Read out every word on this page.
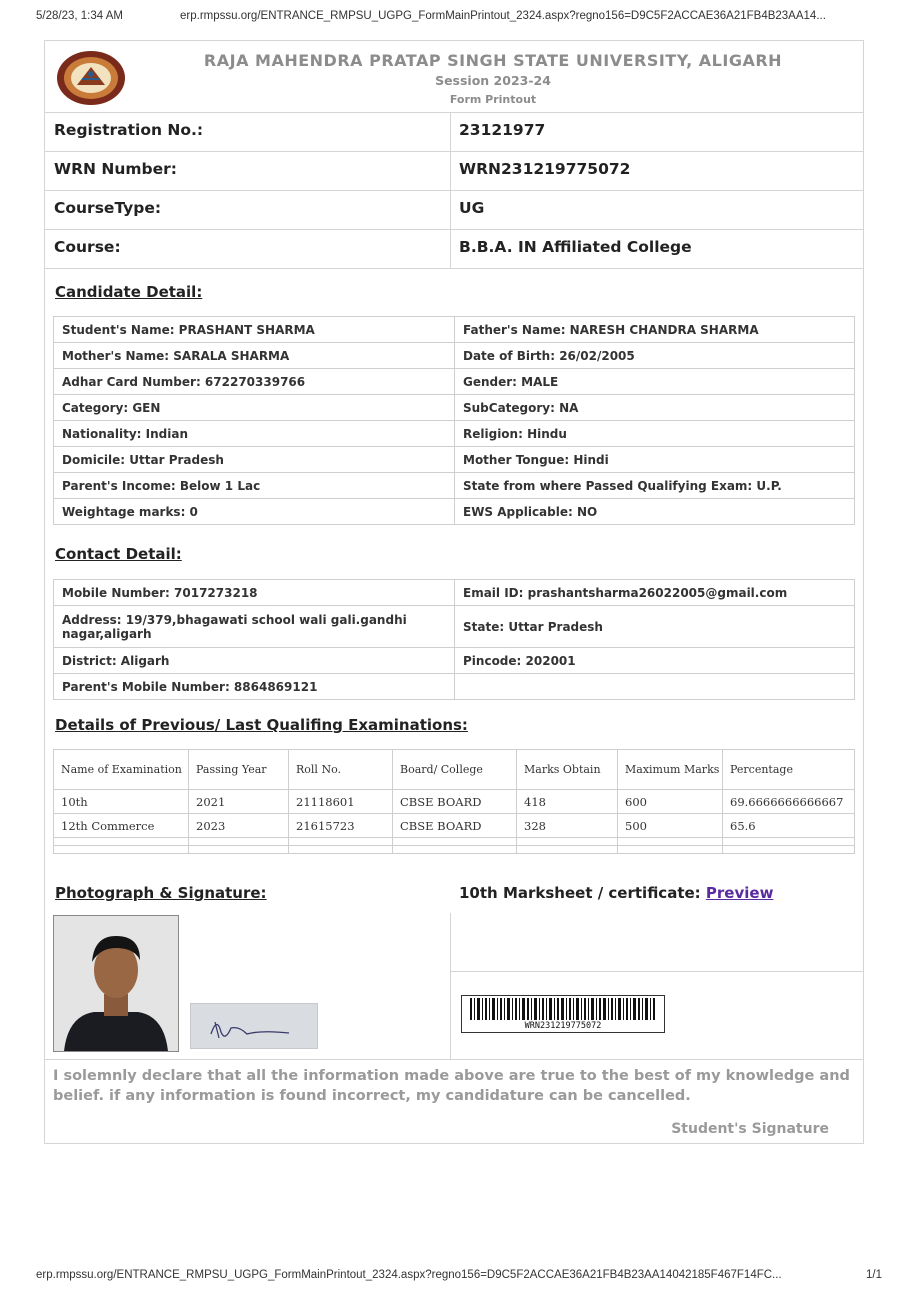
5/28/23, 1:34 AM	erp.rmpssu.org/ENTRANCE_RMPSU_UGPG_FormMainPrintout_2324.aspx?regno156=D9C5F2ACCAE36A21FB4B23AA14...
RAJA MAHENDRA PRATAP SINGH STATE UNIVERSITY, ALIGARH
Session 2023-24
Form Printout
Registration No.:	23121977
WRN Number:	WRN231219775072
CourseType:	UG
Course:	B.B.A. IN Affiliated College
Candidate Detail:
Student's Name: PRASHANT SHARMA	Father's Name: NARESH CHANDRA SHARMA
Mother's Name: SARALA SHARMA	Date of Birth: 26/02/2005
Adhar Card Number: 672270339766	Gender: MALE
Category: GEN	SubCategory: NA
Nationality: Indian	Religion: Hindu
Domicile: Uttar Pradesh	Mother Tongue: Hindi
Parent's Income: Below 1 Lac	State from where Passed Qualifying Exam: U.P.
Weightage marks: 0	EWS Applicable: NO
Contact Detail:
Mobile Number: 7017273218	Email ID: prashantsharma26022005@gmail.com
Address: 19/379,bhagawati school wali gali.gandhi nagar,aligarh	State: Uttar Pradesh
District: Aligarh	Pincode: 202001
Parent's Mobile Number: 8864869121	
Details of Previous/ Last Qualifing Examinations:
Name of Examination	Passing Year	Roll No.	Board/ College	Marks Obtain	Maximum Marks	Percentage
10th	2021	21118601	CBSE BOARD	418	600	69.6666666666667
12th Commerce	2023	21615723	CBSE BOARD	328	500	65.6

Photograph & Signature:	10th Marksheet / certificate: Preview
WRN231219775072
I solemnly declare that all the information made above are true to the best of my knowledge and belief. if any information is found incorrect, my candidature can be cancelled.
Student's Signature
erp.rmpssu.org/ENTRANCE_RMPSU_UGPG_FormMainPrintout_2324.aspx?regno156=D9C5F2ACCAE36A21FB4B23AA14042185F467F14FC...	1/1
